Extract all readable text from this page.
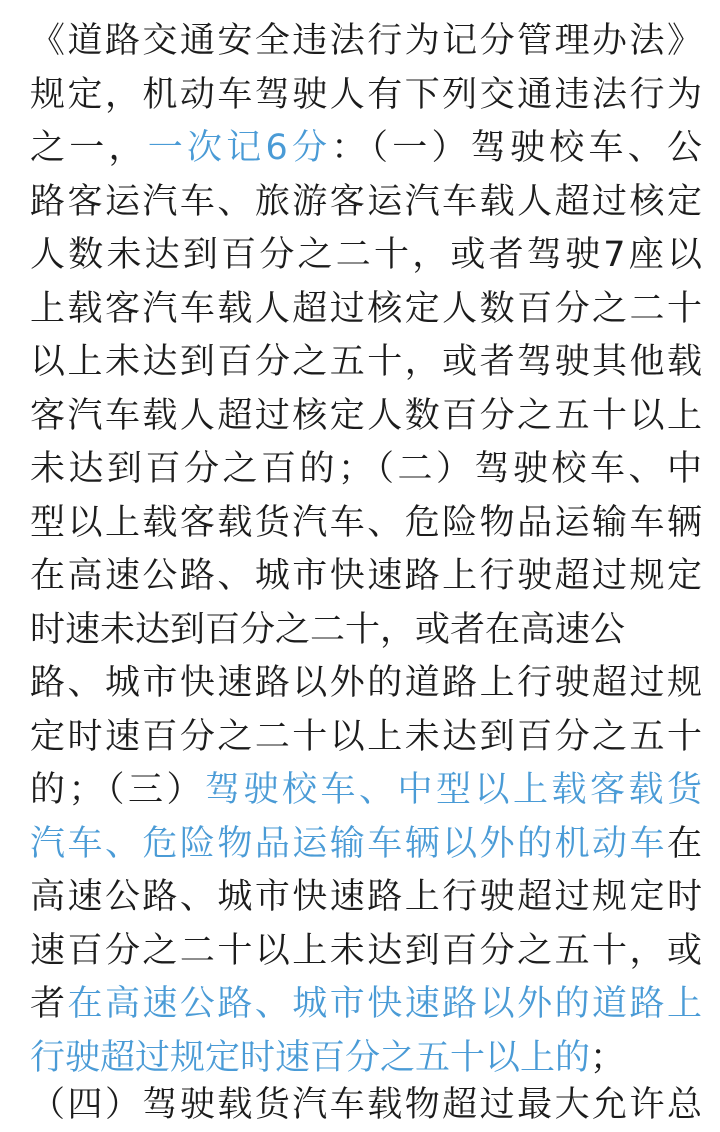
《道路交通安全违法行为记分管理办法》
规定，机动车驾驶人有下列交通违法行为
之一，一次记6分：（一）驾驶校车、公
路客运汽车、旅游客运汽车载人超过核定
人数未达到百分之二十，或者驾驶7座以
上载客汽车载人超过核定人数百分之二十
以上未达到百分之五十，或者驾驶其他载
客汽车载人超过核定人数百分之五十以上
未达到百分之百的；（二）驾驶校车、中
型以上载客载货汽车、危险物品运输车辆
在高速公路、城市快速路上行驶超过规定
时速未达到百分之二十，或者在高速公
路、城市快速路以外的道路上行驶超过规
定时速百分之二十以上未达到百分之五十
的；（三）驾驶校车、中型以上载客载货
汽车、危险物品运输车辆以外的机动车在
高速公路、城市快速路上行驶超过规定时
速百分之二十以上未达到百分之五十，或
者在高速公路、城市快速路以外的道路上
行驶超过规定时速百分之五十以上的；
（四）驾驶载货汽车载物超过最大允许总
